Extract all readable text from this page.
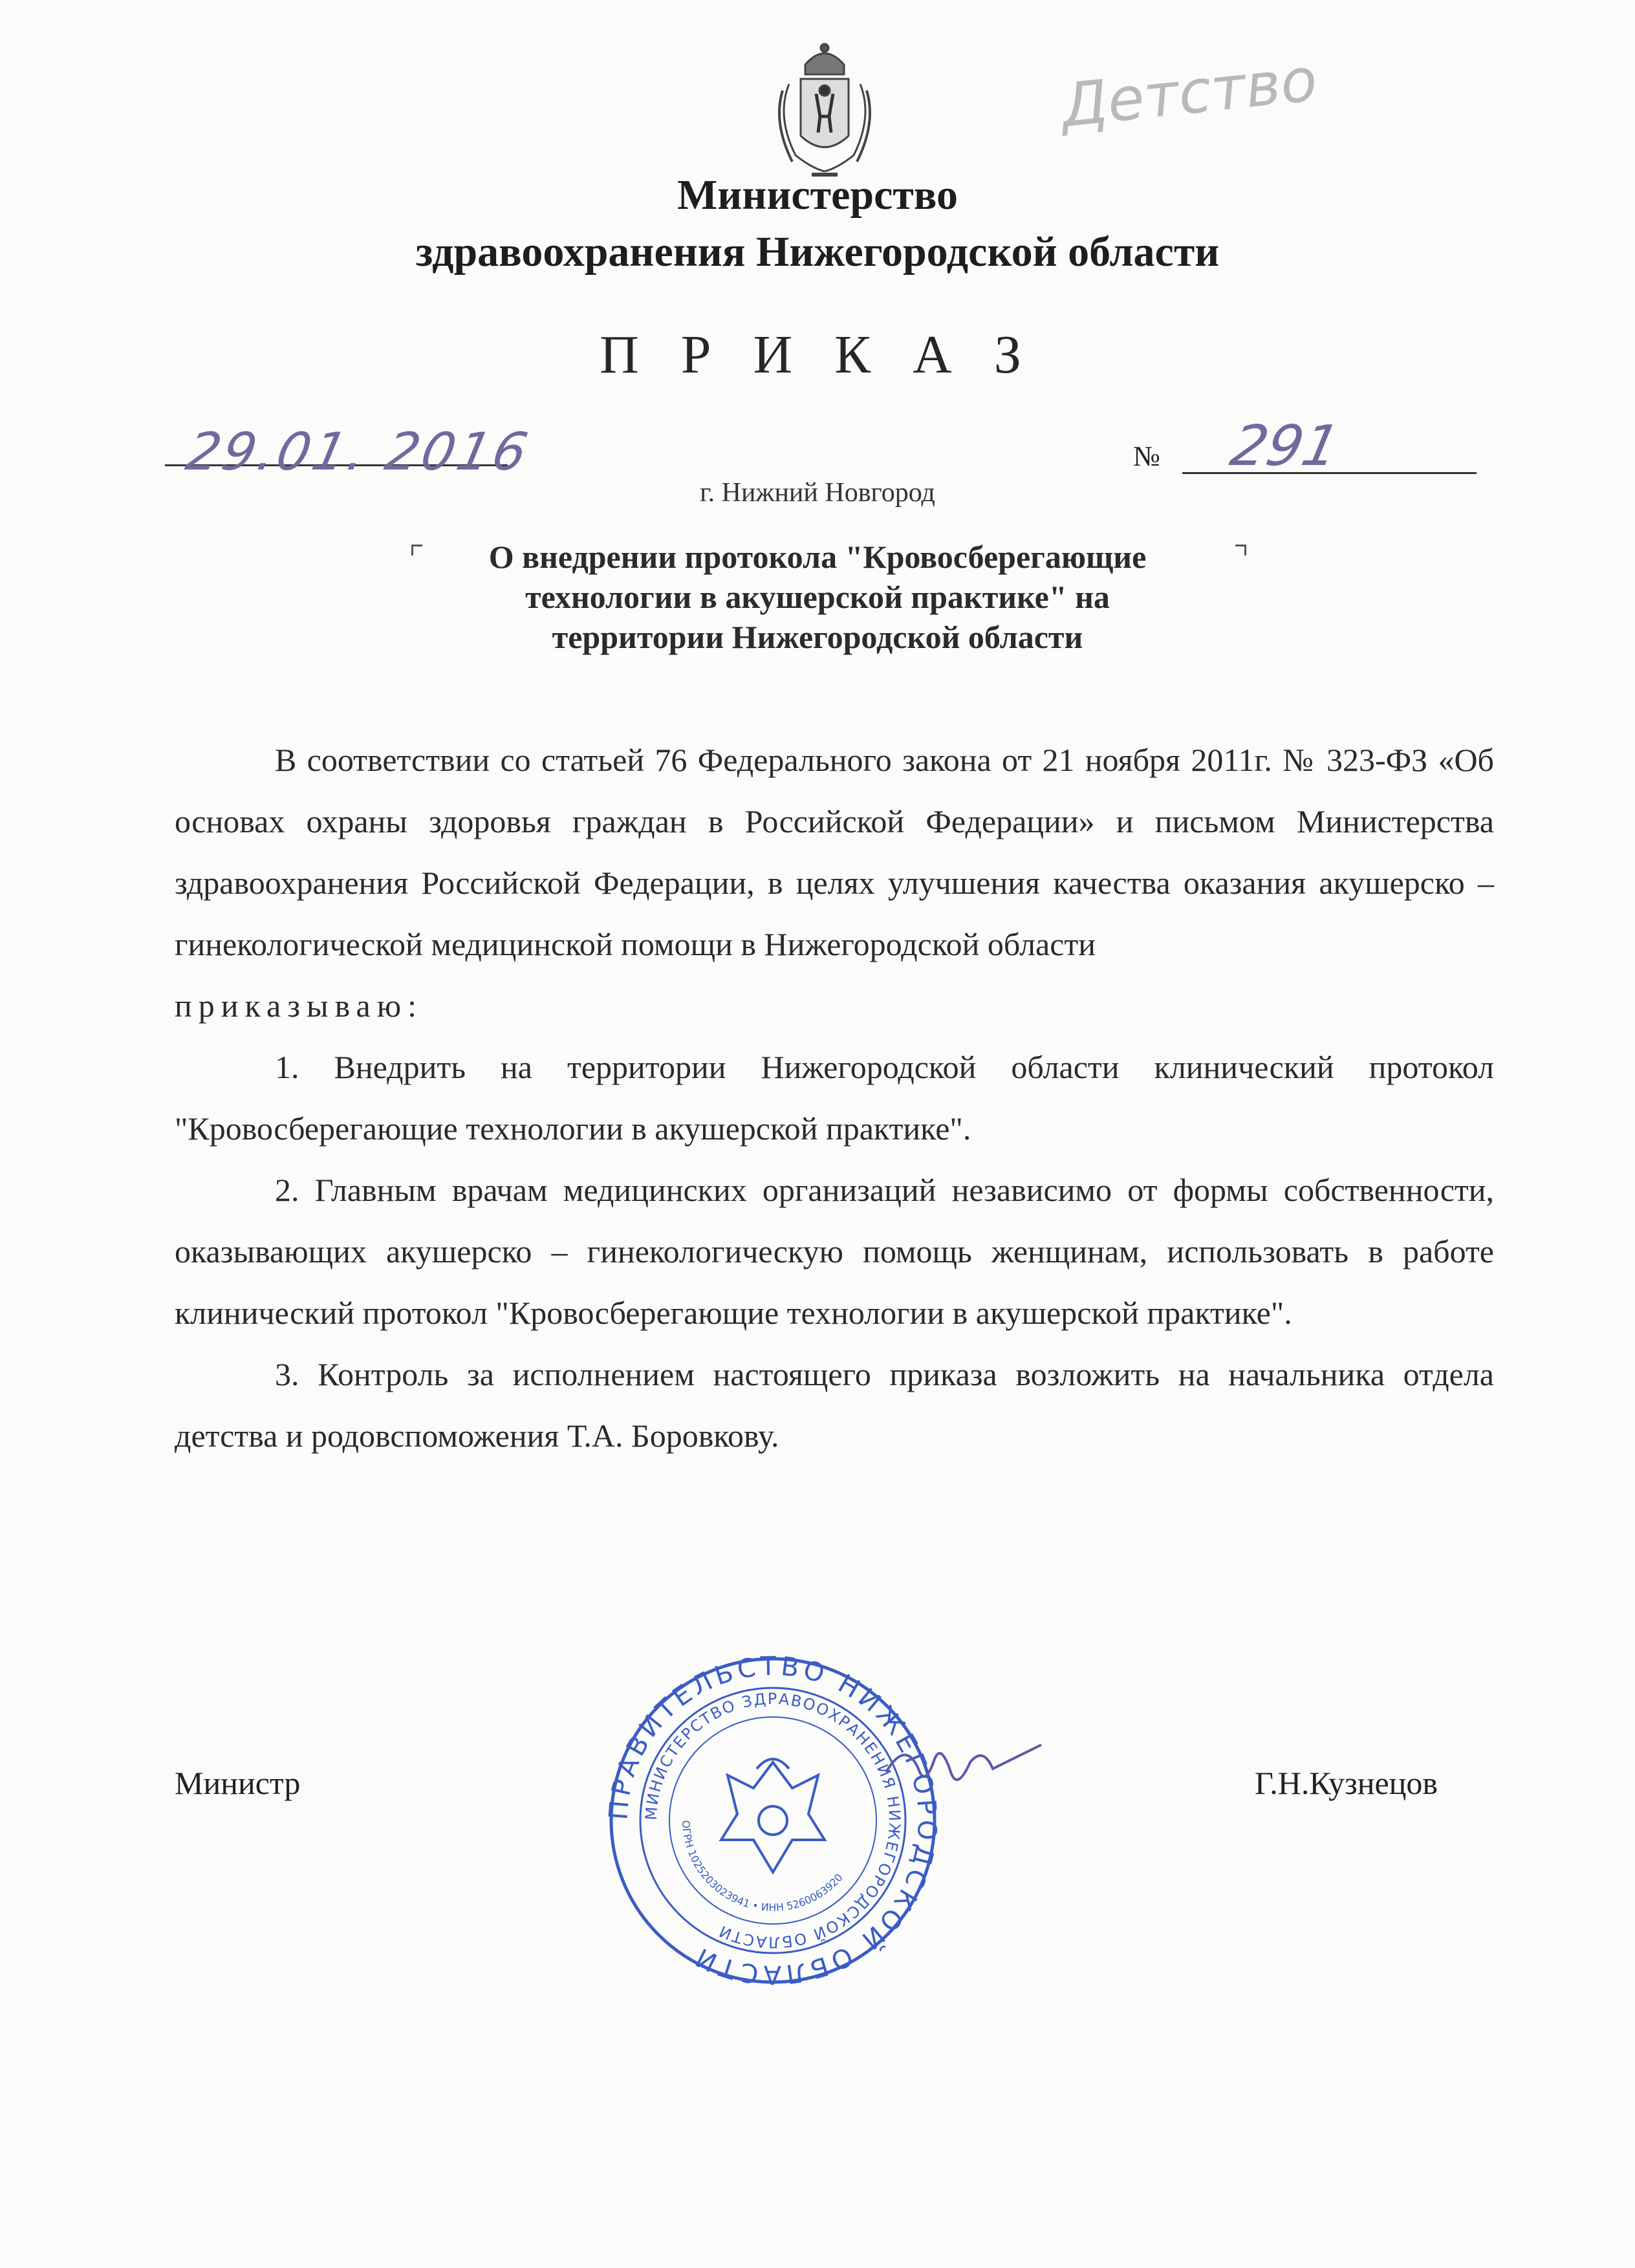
Детство
Министерство
здравоохранения Нижегородской области
П Р И К А З
29.01. 2016	№ 291
г. Нижний Новгород
О внедрении протокола "Кровосберегающие
технологии в акушерской практике" на
территории Нижегородской области

В соответствии со статьей 76 Федерального закона от 21 ноября 2011г. № 323-ФЗ «Об основах охраны здоровья граждан в Российской Федерации» и письмом Министерства здравоохранения Российской Федерации, в целях улучшения качества оказания акушерско – гинекологической медицинской помощи в Нижегородской области

приказываю:

1. Внедрить на территории Нижегородской области клинический протокол "Кровосберегающие технологии в акушерской практике".

2. Главным врачам медицинских организаций независимо от формы собственности, оказывающих акушерско – гинекологическую помощь женщинам, использовать в работе клинический протокол "Кровосберегающие технологии в акушерской практике".

3. Контроль за исполнением настоящего приказа возложить на начальника отдела детства и родовспоможения Т.А. Боровкову.

Министр	Г.Н.Кузнецов
ПРАВИТЕЛЬСТВО НИЖЕГОРОДСКОЙ ОБЛАСТИ
МИНИСТЕРСТВО ЗДРАВООХРАНЕНИЯ НИЖЕГОРОДСКОЙ ОБЛАСТИ
ОГРН 1025203023941 • ИНН 5260063920
